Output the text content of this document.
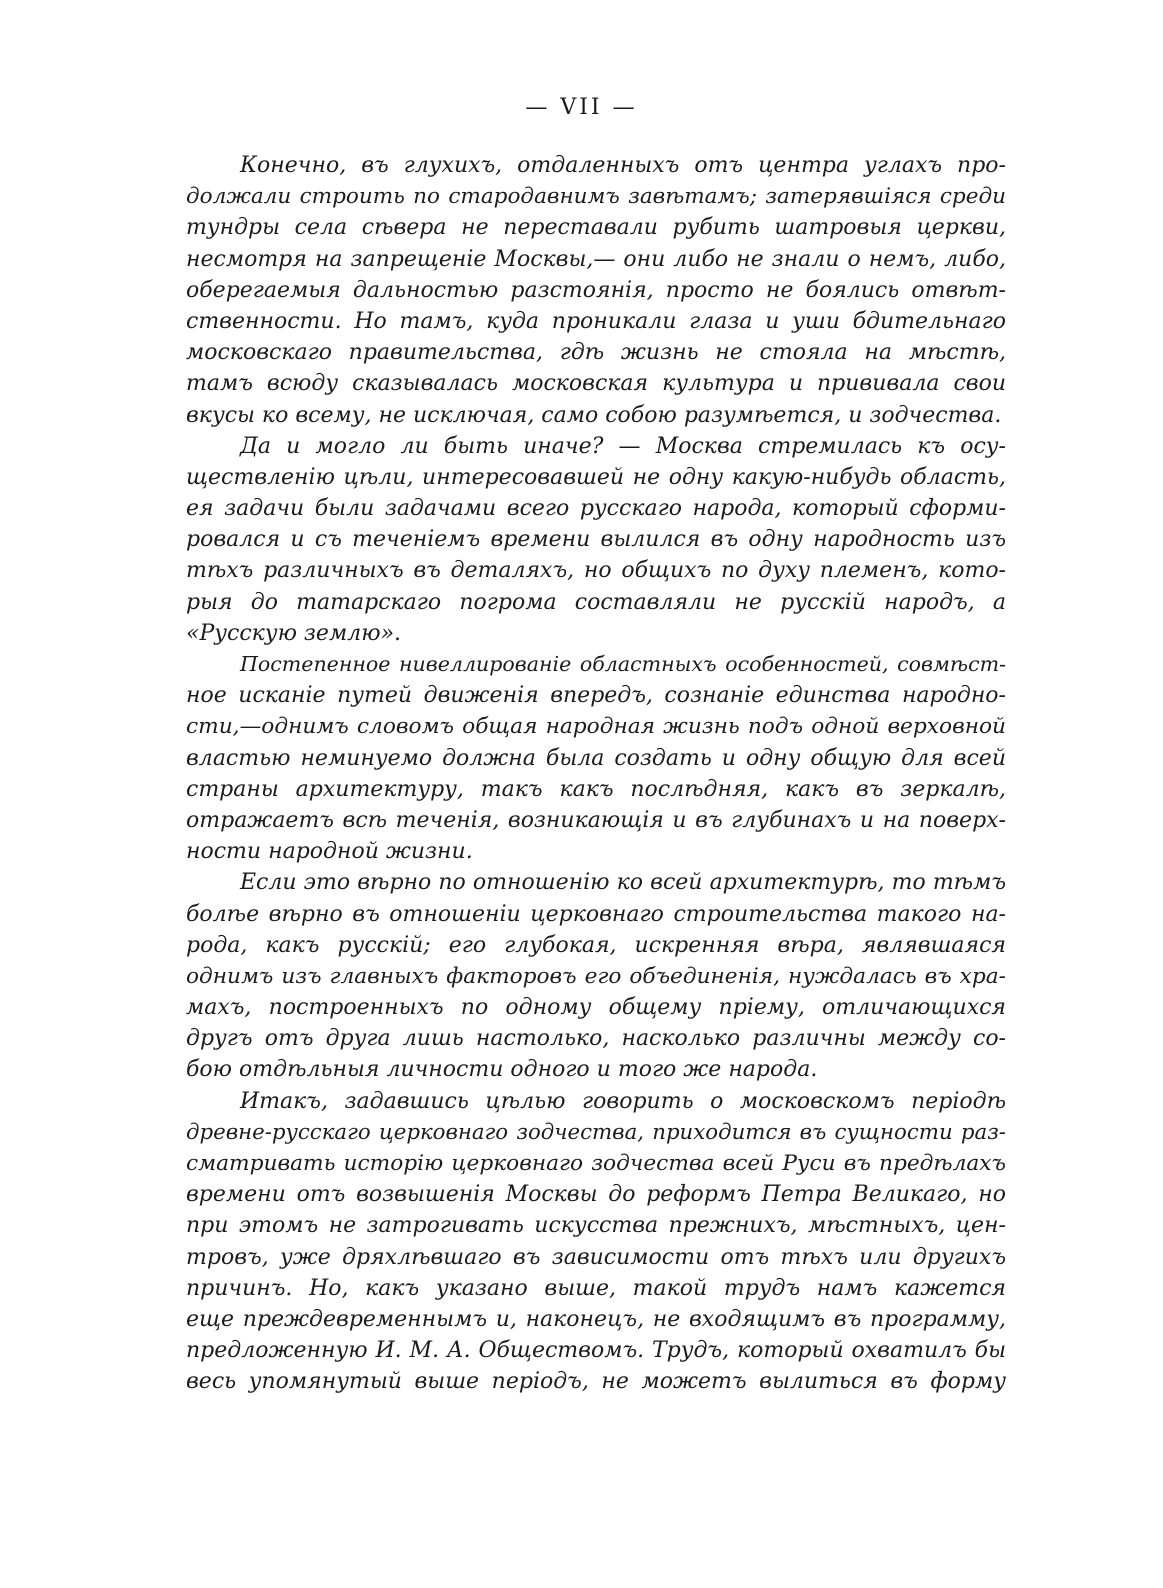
— VII —
Конечно, въ глухихъ, отдаленныхъ отъ центра углахъ про-
должали строить по стародавнимъ завѣтамъ; затерявшіяся среди
тундры села сѣвера не переставали рубить шатровыя церкви,
несмотря на запрещеніе Москвы,— они либо не знали о немъ, либо,
оберегаемыя дальностью разстоянія, просто не боялись отвѣт-
ственности. Но тамъ, куда проникали глаза и уши бдительнаго
московскаго правительства, гдѣ жизнь не стояла на мѣстѣ,
тамъ всюду сказывалась московская культура и прививала свои
вкусы ко всему, не исключая, само собою разумѣется, и зодчества.
Да и могло ли быть иначе? — Москва стремилась къ осу-
ществленію цѣли, интересовавшей не одну какую-нибудь область,
ея задачи были задачами всего русскаго народа, который сформи-
ровался и съ теченіемъ времени вылился въ одну народность изъ
тѣхъ различныхъ въ деталяхъ, но общихъ по духу племенъ, кото-
рыя до татарскаго погрома составляли не русскій народъ, а
«Русскую землю».
Постепенное нивеллированіе областныхъ особенностей, совмѣст-
ное исканіе путей движенія впередъ, сознаніе единства народно-
сти,—однимъ словомъ общая народная жизнь подъ одной верховной
властью неминуемо должна была создать и одну общую для всей
страны архитектуру, такъ какъ послѣдняя, какъ въ зеркалѣ,
отражаетъ всѣ теченія, возникающія и въ глубинахъ и на поверх-
ности народной жизни.
Если это вѣрно по отношенію ко всей архитектурѣ, то тѣмъ
болѣе вѣрно въ отношеніи церковнаго строительства такого на-
рода, какъ русскій; его глубокая, искренняя вѣра, являвшаяся
однимъ изъ главныхъ факторовъ его объединенія, нуждалась въ хра-
махъ, построенныхъ по одному общему пріему, отличающихся
другъ отъ друга лишь настолько, насколько различны между со-
бою отдѣльныя личности одного и того же народа.
Итакъ, задавшись цѣлью говорить о московскомъ періодѣ
древне-русскаго церковнаго зодчества, приходится въ сущности раз-
сматривать исторію церковнаго зодчества всей Руси въ предѣлахъ
времени отъ возвышенія Москвы до реформъ Петра Великаго, но
при этомъ не затрогивать искусства прежнихъ, мѣстныхъ, цен-
тровъ, уже дряхлѣвшаго въ зависимости отъ тѣхъ или другихъ
причинъ. Но, какъ указано выше, такой трудъ намъ кажется
еще преждевременнымъ и, наконецъ, не входящимъ въ программу,
предложенную И. М. А. Обществомъ. Трудъ, который охватилъ бы
весь упомянутый выше періодъ, не можетъ вылиться въ форму
